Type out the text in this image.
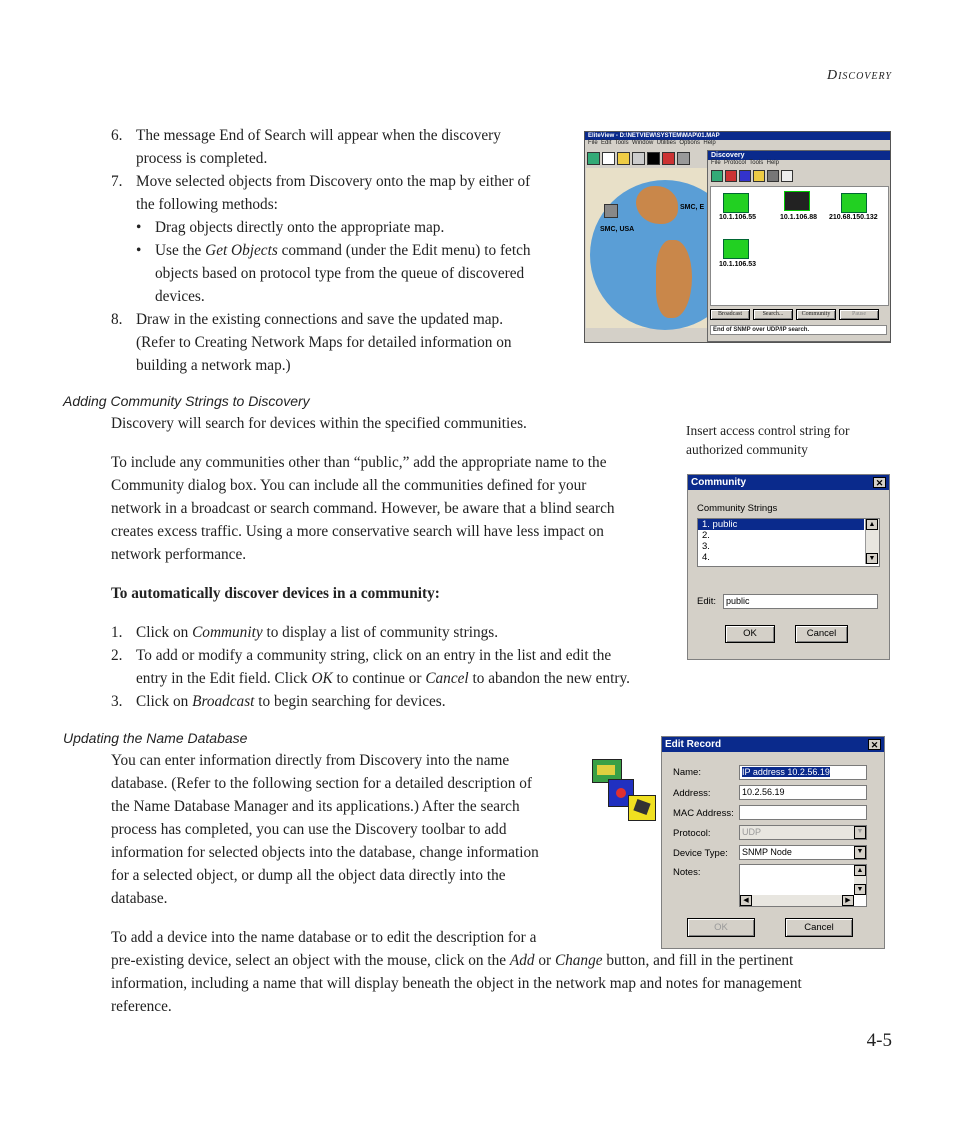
Discovery
6. The message End of Search will appear when the discovery
process is completed.
7. Move selected objects from Discovery onto the map by either of
the following methods:
• Drag objects directly onto the appropriate map.
• Use the Get Objects command (under the Edit menu) to fetch
objects based on protocol type from the queue of discovered
devices.
8. Draw in the existing connections and save the updated map.
(Refer to Creating Network Maps for detailed information on
building a network map.)
EliteView - D:\NETVIEW\SYSTEM\MAP\01.MAP
File Edit Tools Window Utilities Options Help
SMC, USA
SMC, E
Discovery
File Protocol Tools Help
10.1.106.55	10.1.106.88 210.68.150.132
10.1.106.53
Broadcast	Search...	Community	Pause
End of SNMP over UDP/IP search.
Adding Community Strings to Discovery
Discovery will search for devices within the specified communities.
To include any communities other than “public,” add the appropriate name to the
Community dialog box. You can include all the communities defined for your
network in a broadcast or search command. However, be aware that a blind search
creates excess traffic. Using a more conservative search will have less impact on
network performance.
To automatically discover devices in a community:
1. Click on Community to display a list of community strings.
2. To add or modify a community string, click on an entry in the list and edit the
entry in the Edit field. Click OK to continue or Cancel to abandon the new entry.
3. Click on Broadcast to begin searching for devices.
Insert access control string for authorized community
Community	✕
Community Strings
1. public
2.
3.
4.
▲
▼
Edit:	public
OK	Cancel
Updating the Name Database
You can enter information directly from Discovery into the name
database. (Refer to the following section for a detailed description of
the Name Database Manager and its applications.) After the search
process has completed, you can use the Discovery toolbar to add
information for selected objects into the database, change information
for a selected object, or dump all the object data directly into the
database.
To add a device into the name database or to edit the description for a
pre-existing device, select an object with the mouse, click on the Add or Change button, and fill in the pertinent
information, including a name that will display beneath the object in the network map and notes for management
reference.
Edit Record	✕
Name:	IP address 10.2.56.19
Address:	10.2.56.19
MAC Address:
Protocol:	UDP	▼
Device Type:	SNMP Node	▼
Notes:	▲
▼
◀	▶
OK	Cancel
4-5
